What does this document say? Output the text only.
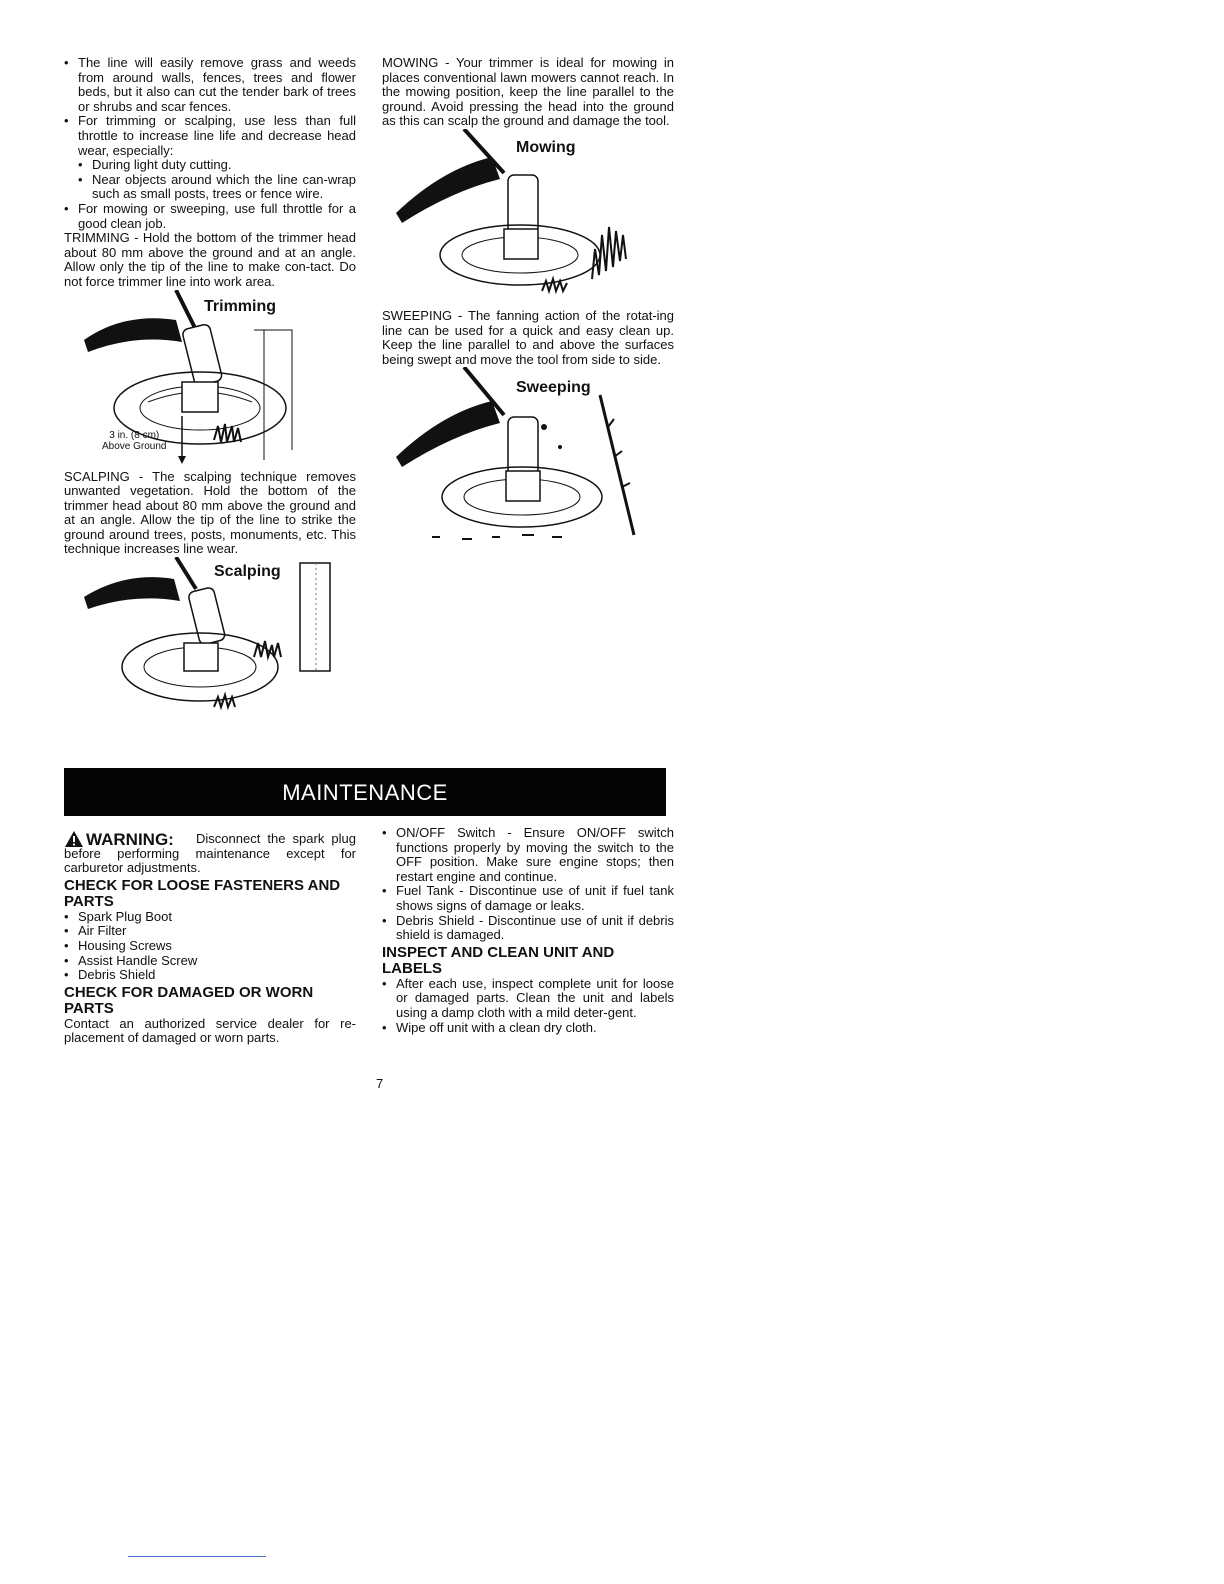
• The line will easily remove grass and weeds from around walls, fences, trees and flower beds, but it also can cut the tender bark of trees or shrubs and scar fences.
• For trimming or scalping, use less than full throttle to increase line life and decrease head wear, especially:
• During light duty cutting.
• Near objects around which the line can-wrap such as small posts, trees or fence wire.
• For mowing or sweeping, use full throttle for a good clean job.

TRIMMING - Hold the bottom of the trimmer head about 80 mm above the ground and at an angle. Allow only the tip of the line to make con-tact. Do not force trimmer line into work area.

Trimming
3 in. (8 cm)
Above Ground

SCALPING - The scalping technique removes unwanted vegetation. Hold the bottom of the trimmer head about 80 mm above the ground and at an angle. Allow the tip of the line to strike the ground around trees, posts, monuments, etc. This technique increases line wear.

Scalping

MOWING - Your trimmer is ideal for mowing in places conventional lawn mowers cannot reach. In the mowing position, keep the line parallel to the ground. Avoid pressing the head into the ground as this can scalp the ground and damage the tool.

Mowing

SWEEPING - The fanning action of the rotat-ing line can be used for a quick and easy clean up. Keep the line parallel to and above the surfaces being swept and move the tool from side to side.

Sweeping
MAINTENANCE
WARNING:	Disconnect the spark plug before performing maintenance except for carburetor adjustments.

CHECK FOR LOOSE FASTENERS AND PARTS
• Spark Plug Boot
• Air Filter
• Housing Screws
• Assist Handle Screw
• Debris Shield
CHECK FOR DAMAGED OR WORN PARTS

Contact an authorized service dealer for re-placement of damaged or worn parts.

• ON/OFF Switch - Ensure ON/OFF switch functions properly by moving the switch to the OFF position. Make sure engine stops; then restart engine and continue.
• Fuel Tank - Discontinue use of unit if fuel tank shows signs of damage or leaks.
• Debris Shield - Discontinue use of unit if debris shield is damaged.
INSPECT AND CLEAN UNIT AND LABELS
• After each use, inspect complete unit for loose or damaged parts. Clean the unit and labels using a damp cloth with a mild deter-gent.
• Wipe off unit with a clean dry cloth.
7
